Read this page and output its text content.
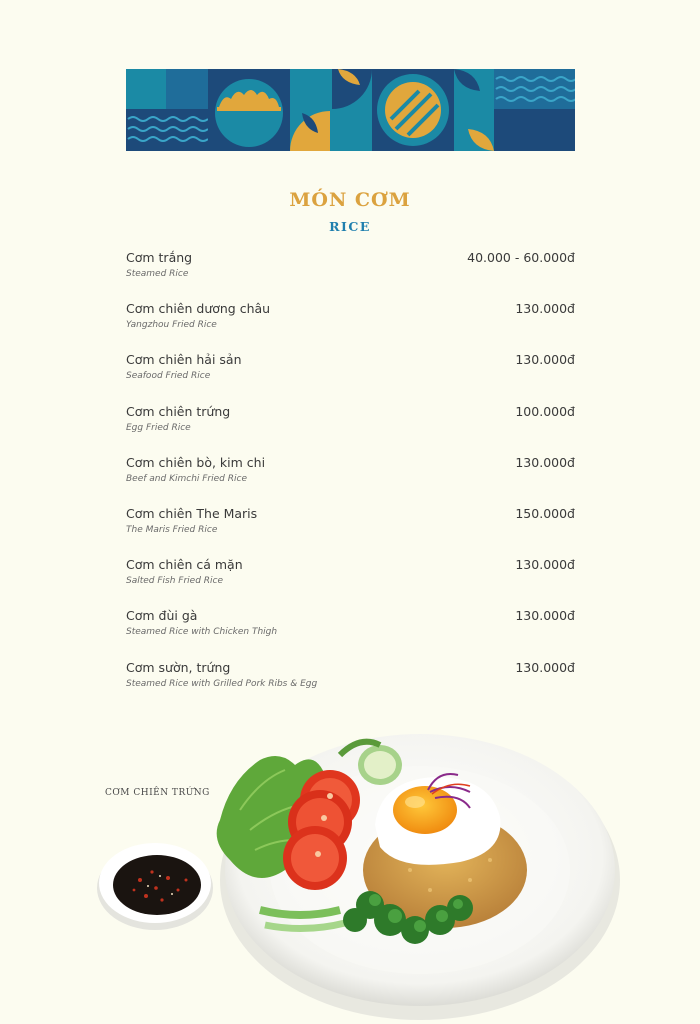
MÓN CƠM
RICE
Cơm trắng
Steamed Rice
40.000 - 60.000đ
Cơm chiên dương châu
Yangzhou Fried Rice
130.000đ
Cơm chiên hải sản
Seafood Fried Rice
130.000đ
Cơm chiên trứng
Egg Fried Rice
100.000đ
Cơm chiên bò, kim chi
Beef and Kimchi Fried Rice
130.000đ
Cơm chiên The Maris
The Maris Fried Rice
150.000đ
Cơm chiên cá mặn
Salted Fish Fried Rice
130.000đ
Cơm đùi gà
Steamed Rice with Chicken Thigh
130.000đ
Cơm sườn, trứng
Steamed Rice with Grilled Pork Ribs & Egg
130.000đ
CƠM CHIÊN TRỨNG
